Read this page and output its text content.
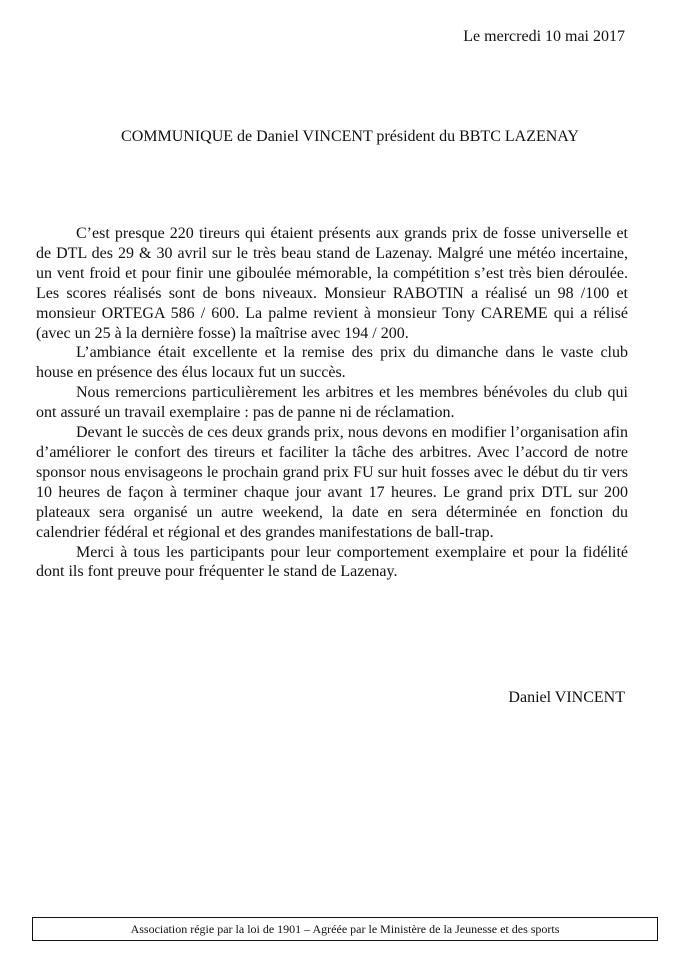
Le mercredi 10 mai 2017
COMMUNIQUE de Daniel VINCENT président du BBTC LAZENAY

C’est presque 220 tireurs qui étaient présents aux grands prix de fosse universelle et de DTL des 29 & 30 avril sur le très beau stand de Lazenay. Malgré une météo incertaine, un vent froid et pour finir une giboulée mémorable, la compétition s’est très bien déroulée. Les scores réalisés sont de bons niveaux. Monsieur RABOTIN a réalisé un 98 /100 et monsieur ORTEGA 586 / 600. La palme revient à monsieur Tony CAREME qui a rélisé (avec un 25 à la dernière fosse) la maîtrise avec 194 / 200.

L’ambiance était excellente et la remise des prix du dimanche dans le vaste club house en présence des élus locaux fut un succès.

Nous remercions particulièrement les arbitres et les membres bénévoles du club qui ont assuré un travail exemplaire : pas de panne ni de réclamation.

Devant le succès de ces deux grands prix, nous devons en modifier l’organisation afin d’améliorer le confort des tireurs et faciliter la tâche des arbitres. Avec l’accord de notre sponsor nous envisageons le prochain grand prix FU sur huit fosses avec le début du tir vers 10 heures de façon à terminer chaque jour avant 17 heures. Le grand prix DTL sur 200 plateaux sera organisé un autre weekend, la date en sera déterminée en fonction du calendrier fédéral et régional et des grandes manifestations de ball-trap.

Merci à tous les participants pour leur comportement exemplaire et pour la fidélité dont ils font preuve pour fréquenter le stand de Lazenay.

Daniel VINCENT
Association régie par la loi de 1901 – Agréée par le Ministère de la Jeunesse et des sports
